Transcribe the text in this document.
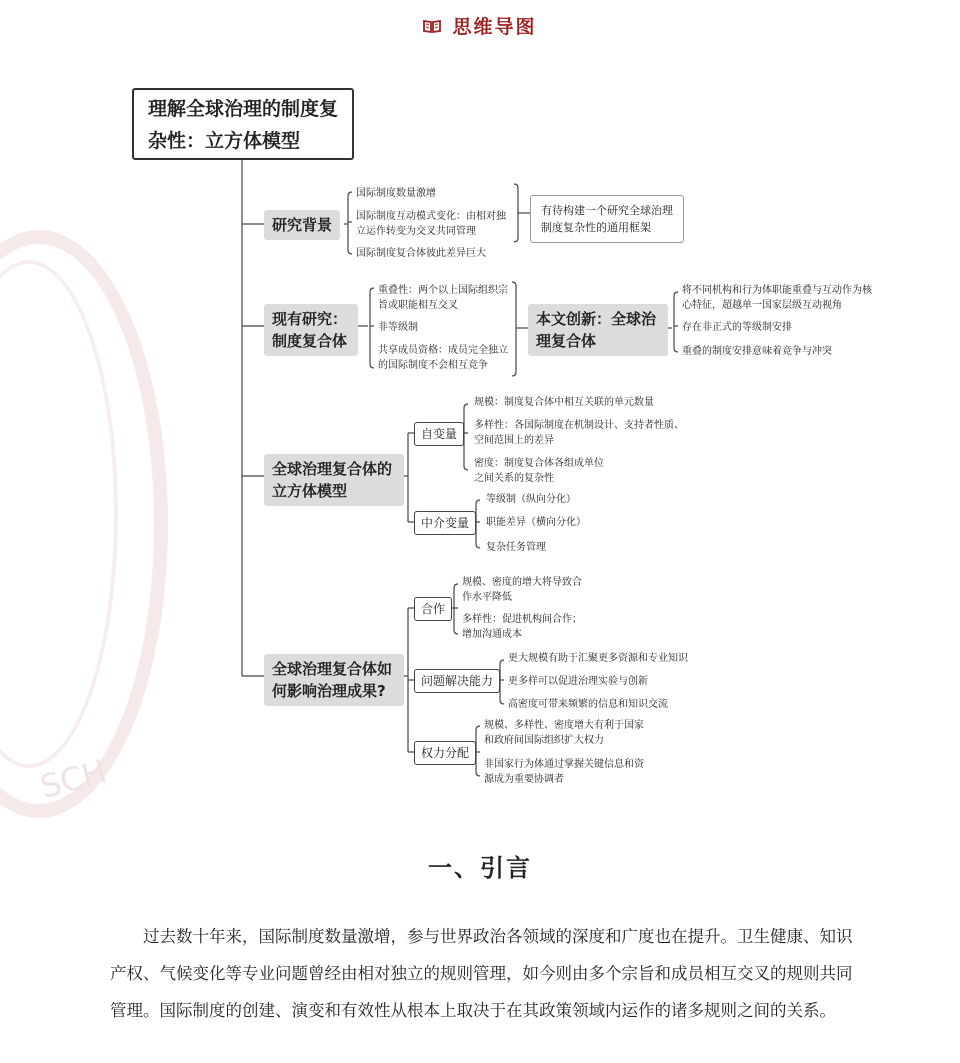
SCH
思维导图
理解全球治理的制度复杂性：立方体模型
研究背景
国际制度数量激增
国际制度互动模式变化：由相对独立运作转变为交叉共同管理
国际制度复合体彼此差异巨大
有待构建一个研究全球治理制度复杂性的通用框架
现有研究：制度复合体
重叠性：两个以上国际组织宗旨或职能相互交叉
非等级制
共享成员资格：成员完全独立的国际制度不会相互竞争
本文创新：全球治理复合体
将不同机构和行为体职能重叠与互动作为核心特征，超越单一国家层级互动视角
存在非正式的等级制安排
重叠的制度安排意味着竞争与冲突
全球治理复合体的立方体模型
自变量
规模：制度复合体中相互关联的单元数量
多样性：各国际制度在机制设计、支持者性质、空间范围上的差异
密度：制度复合体各组成单位之间关系的复杂性
中介变量
等级制（纵向分化）
职能差异（横向分化）
复杂任务管理
全球治理复合体如何影响治理成果?
合作
规模、密度的增大将导致合作水平降低
多样性：促进机构间合作；增加沟通成本
问题解决能力
更大规模有助于汇聚更多资源和专业知识
更多样可以促进治理实验与创新
高密度可带来频繁的信息和知识交流
权力分配
规模、多样性、密度增大有利于国家和政府间国际组织扩大权力
非国家行为体通过掌握关键信息和资源成为重要协调者
一、引言

过去数十年来，国际制度数量激增，参与世界政治各领域的深度和广度也在提升。卫生健康、知识产权、气候变化等专业问题曾经由相对独立的规则管理，如今则由多个宗旨和成员相互交叉的规则共同管理。国际制度的创建、演变和有效性从根本上取决于在其政策领域内运作的诸多规则之间的关系。
